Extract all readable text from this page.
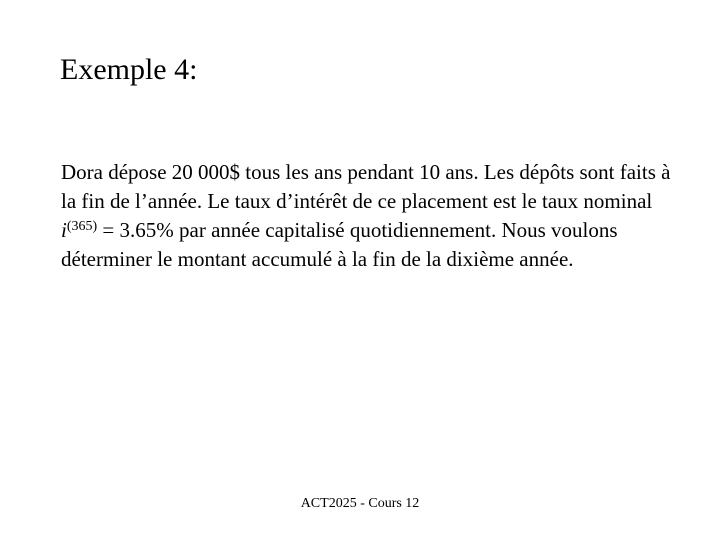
Exemple 4:

Dora dépose 20 000$ tous les ans pendant 10 ans. Les dépôts sont faits à la fin de l’année. Le taux d’intérêt de ce placement est le taux nominal $i^{(365)} = 3.65\%$ par année capitalisé quotidiennement. Nous voulons déterminer le montant accumulé à la fin de la dixième année.

ACT2025 - Cours 12
